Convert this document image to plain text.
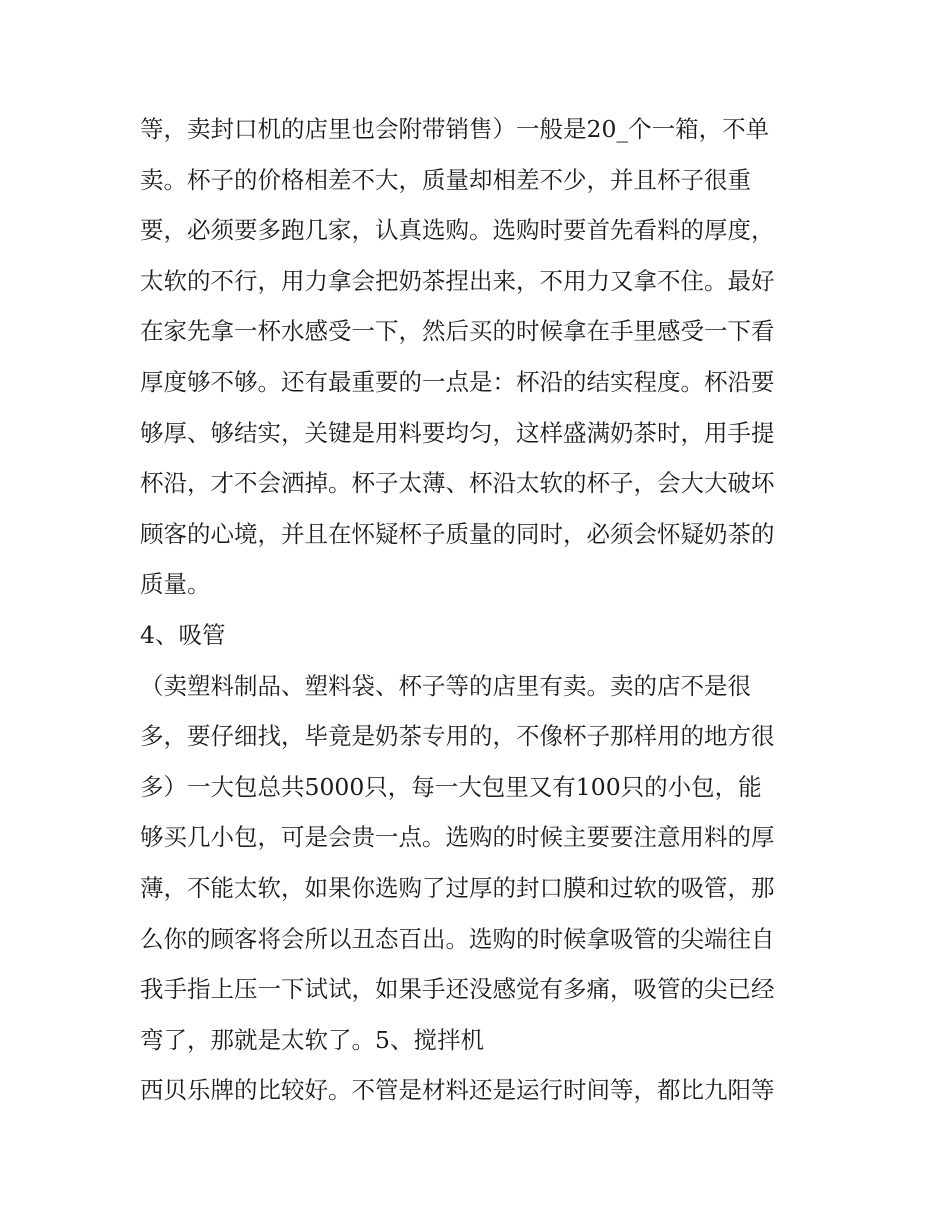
等，卖封口机的店里也会附带销售）一般是20_个一箱，不单
卖。杯子的价格相差不大，质量却相差不少，并且杯子很重
要，必须要多跑几家，认真选购。选购时要首先看料的厚度，
太软的不行，用力拿会把奶茶捏出来，不用力又拿不住。最好
在家先拿一杯水感受一下，然后买的时候拿在手里感受一下看
厚度够不够。还有最重要的一点是：杯沿的结实程度。杯沿要
够厚、够结实，关键是用料要均匀，这样盛满奶茶时，用手提
杯沿，才不会洒掉。杯子太薄、杯沿太软的杯子，会大大破坏
顾客的心境，并且在怀疑杯子质量的同时，必须会怀疑奶茶的
质量。
4、吸管
（卖塑料制品、塑料袋、杯子等的店里有卖。卖的店不是很
多，要仔细找，毕竟是奶茶专用的，不像杯子那样用的地方很
多）一大包总共5000只，每一大包里又有100只的小包，能
够买几小包，可是会贵一点。选购的时候主要要注意用料的厚
薄，不能太软，如果你选购了过厚的封口膜和过软的吸管，那
么你的顾客将会所以丑态百出。选购的时候拿吸管的尖端往自
我手指上压一下试试，如果手还没感觉有多痛，吸管的尖已经
弯了，那就是太软了。5、搅拌机
西贝乐牌的比较好。不管是材料还是运行时间等，都比九阳等
